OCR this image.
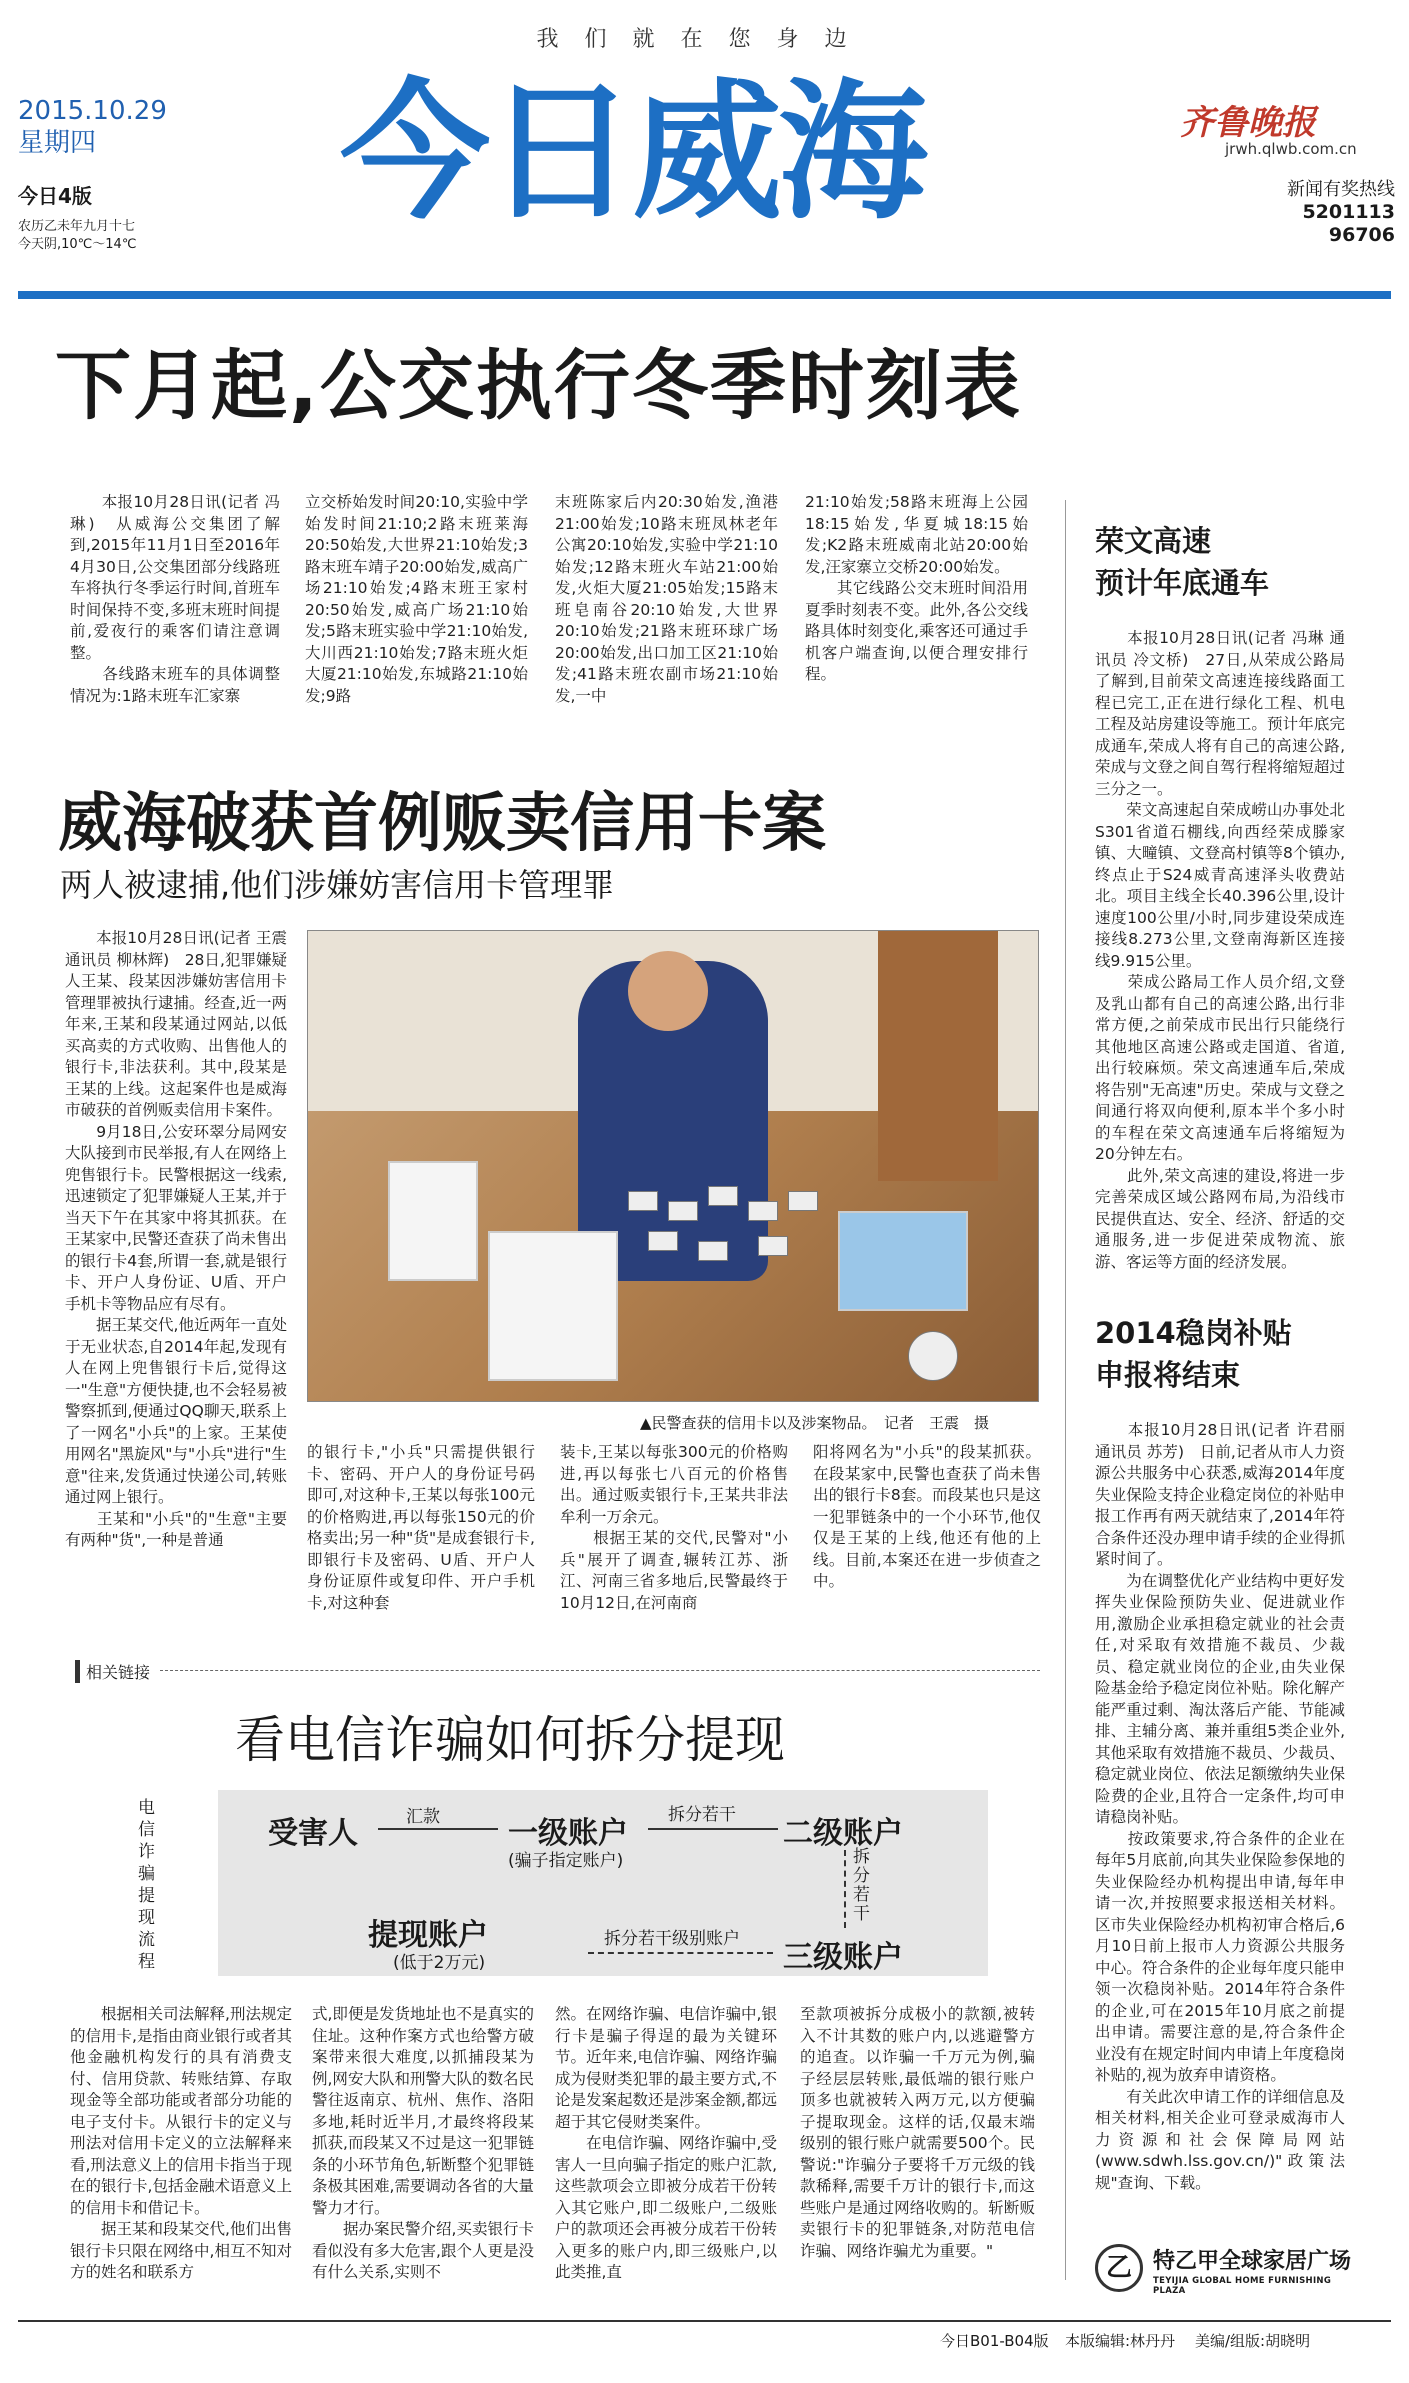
我们就在您身边
2015.10.29
星期四
今日4版
农历乙未年九月十七
今天阴,10℃～14℃
今日威海	齐鲁晚报
jrwh.qlwb.com.cn
新闻有奖热线
5201113
96706
下月起,公交执行冬季时刻表
　　本报10月28日讯(记者 冯琳)　从威海公交集团了解到,2015年11月1日至2016年4月30日,公交集团部分线路班车将执行冬季运行时间,首班车时间保持不变,多班末班时间提前,爱夜行的乘客们请注意调整。
　　各线路末班车的具体调整情况为:1路末班车汇家寨
立交桥始发时间20:10,实验中学始发时间21:10;2路末班莱海20:50始发,大世界21:10始发;3路末班车靖子20:00始发,威高广场21:10始发;4路末班王家村20:50始发,威高广场21:10始发;5路末班实验中学21:10始发,大川西21:10始发;7路末班火炬大厦21:10始发,东城路21:10始发;9路
末班陈家后内20:30始发,渔港21:00始发;10路末班凤林老年公寓20:10始发,实验中学21:10始发;12路末班火车站21:00始发,火炬大厦21:05始发;15路末班皂南谷20:10始发,大世界20:10始发;21路末班环球广场20:00始发,出口加工区21:10始发;41路末班农副市场21:10始发,一中
21:10始发;58路末班海上公园18:15始发,华夏城18:15始发;K2路末班威南北站20:00始发,汪家寨立交桥20:00始发。
　　其它线路公交末班时间沿用夏季时刻表不变。此外,各公交线路具体时刻变化,乘客还可通过手机客户端查询,以便合理安排行程。
荣文高速
预计年底通车
　　本报10月28日讯(记者 冯琳 通讯员 冷文桥)　27日,从荣成公路局了解到,目前荣文高速连接线路面工程已完工,正在进行绿化工程、机电工程及站房建设等施工。预计年底完成通车,荣成人将有自己的高速公路,荣成与文登之间自驾行程将缩短超过三分之一。
　　荣文高速起自荣成崂山办事处北S301省道石棚线,向西经荣成滕家镇、大疃镇、文登高村镇等8个镇办,终点止于S24威青高速泽头收费站北。项目主线全长40.396公里,设计速度100公里/小时,同步建设荣成连接线8.273公里,文登南海新区连接线9.915公里。
　　荣成公路局工作人员介绍,文登及乳山都有自己的高速公路,出行非常方便,之前荣成市民出行只能绕行其他地区高速公路或走国道、省道,出行较麻烦。荣文高速通车后,荣成将告别"无高速"历史。荣成与文登之间通行将双向便利,原本半个多小时的车程在荣文高速通车后将缩短为20分钟左右。
　　此外,荣文高速的建设,将进一步完善荣成区域公路网布局,为沿线市民提供直达、安全、经济、舒适的交通服务,进一步促进荣成物流、旅游、客运等方面的经济发展。
威海破获首例贩卖信用卡案
两人被逮捕,他们涉嫌妨害信用卡管理罪
　　本报10月28日讯(记者 王震 通讯员 柳林辉)　28日,犯罪嫌疑人王某、段某因涉嫌妨害信用卡管理罪被执行逮捕。经查,近一两年来,王某和段某通过网站,以低买高卖的方式收购、出售他人的银行卡,非法获利。其中,段某是王某的上线。这起案件也是威海市破获的首例贩卖信用卡案件。
　　9月18日,公安环翠分局网安大队接到市民举报,有人在网络上兜售银行卡。民警根据这一线索,迅速锁定了犯罪嫌疑人王某,并于当天下午在其家中将其抓获。在王某家中,民警还查获了尚未售出的银行卡4套,所谓一套,就是银行卡、开户人身份证、U盾、开户手机卡等物品应有尽有。
　　据王某交代,他近两年一直处于无业状态,自2014年起,发现有人在网上兜售银行卡后,觉得这一"生意"方便快捷,也不会轻易被警察抓到,便通过QQ聊天,联系上了一网名"小兵"的上家。王某使用网名"黑旋风"与"小兵"进行"生意"往来,发货通过快递公司,转账通过网上银行。
　　王某和"小兵"的"生意"主要有两种"货",一种是普通
▲民警查获的信用卡以及涉案物品。　记者　王震　摄
的银行卡,"小兵"只需提供银行卡、密码、开户人的身份证号码即可,对这种卡,王某以每张100元的价格购进,再以每张150元的价格卖出;另一种"货"是成套银行卡,即银行卡及密码、U盾、开户人身份证原件或复印件、开户手机卡,对这种套
装卡,王某以每张300元的价格购进,再以每张七八百元的价格售出。通过贩卖银行卡,王某共非法牟利一万余元。
　　根据王某的交代,民警对"小兵"展开了调查,辗转江苏、浙江、河南三省多地后,民警最终于10月12日,在河南商
阳将网名为"小兵"的段某抓获。在段某家中,民警也查获了尚未售出的银行卡8套。而段某也只是这一犯罪链条中的一个小环节,他仅仅是王某的上线,他还有他的上线。目前,本案还在进一步侦查之中。
2014稳岗补贴
申报将结束
　　本报10月28日讯(记者 许君丽 通讯员 苏芳)　日前,记者从市人力资源公共服务中心获悉,威海2014年度失业保险支持企业稳定岗位的补贴申报工作再有两天就结束了,2014年符合条件还没办理申请手续的企业得抓紧时间了。
　　为在调整优化产业结构中更好发挥失业保险预防失业、促进就业作用,激励企业承担稳定就业的社会责任,对采取有效措施不裁员、少裁员、稳定就业岗位的企业,由失业保险基金给予稳定岗位补贴。除化解产能严重过剩、淘汰落后产能、节能减排、主辅分离、兼并重组5类企业外,其他采取有效措施不裁员、少裁员、稳定就业岗位、依法足额缴纳失业保险费的企业,且符合一定条件,均可申请稳岗补贴。
　　按政策要求,符合条件的企业在每年5月底前,向其失业保险参保地的失业保险经办机构提出申请,每年申请一次,并按照要求报送相关材料。区市失业保险经办机构初审合格后,6月10日前上报市人力资源公共服务中心。符合条件的企业每年度只能申领一次稳岗补贴。2014年符合条件的企业,可在2015年10月底之前提出申请。需要注意的是,符合条件企业没有在规定时间内申请上年度稳岗补贴的,视为放弃申请资格。
　　有关此次申请工作的详细信息及相关材料,相关企业可登录威海市人力资源和社会保障局网站(www.sdwh.lss.gov.cn/)"政策法规"查询、下载。
相关链接
看电信诈骗如何拆分提现
电信诈骗提现流程
受害人	汇款 一级账户
(骗子指定账户)
拆分若干
二级账户
拆分若干
三级账户
拆分若干级别账户
提现账户
(低于2万元)
　　根据相关司法解释,刑法规定的信用卡,是指由商业银行或者其他金融机构发行的具有消费支付、信用贷款、转账结算、存取现金等全部功能或者部分功能的电子支付卡。从银行卡的定义与刑法对信用卡定义的立法解释来看,刑法意义上的信用卡指当于现在的银行卡,包括金融术语意义上的信用卡和借记卡。
　　据王某和段某交代,他们出售银行卡只限在网络中,相互不知对方的姓名和联系方
式,即便是发货地址也不是真实的住址。这种作案方式也给警方破案带来很大难度,以抓捕段某为例,网安大队和刑警大队的数名民警往返南京、杭州、焦作、洛阳多地,耗时近半月,才最终将段某抓获,而段某又不过是这一犯罪链条的小环节角色,斩断整个犯罪链条极其困难,需要调动各省的大量警力才行。
　　据办案民警介绍,买卖银行卡看似没有多大危害,跟个人更是没有什么关系,实则不
然。在网络诈骗、电信诈骗中,银行卡是骗子得逞的最为关键环节。近年来,电信诈骗、网络诈骗成为侵财类犯罪的最主要方式,不论是发案起数还是涉案金额,都远超于其它侵财类案件。
　　在电信诈骗、网络诈骗中,受害人一旦向骗子指定的账户汇款,这些款项会立即被分成若干份转入其它账户,即二级账户,二级账户的款项还会再被分成若干份转入更多的账户内,即三级账户,以此类推,直
至款项被拆分成极小的款额,被转入不计其数的账户内,以逃避警方的追查。以诈骗一千万元为例,骗子经层层转账,最低端的银行账户顶多也就被转入两万元,以方便骗子提取现金。这样的话,仅最末端级别的银行账户就需要500个。民警说:"诈骗分子要将千万元级的钱款稀释,需要千万计的银行卡,而这些账户是通过网络收购的。斩断贩卖银行卡的犯罪链条,对防范电信诈骗、网络诈骗尤为重要。"
乙 特乙甲全球家居广场
TEYIJIA GLOBAL HOME FURNISHING PLAZA
今日B01-B04版 本版编辑:林丹丹 美编/组版:胡晓明
